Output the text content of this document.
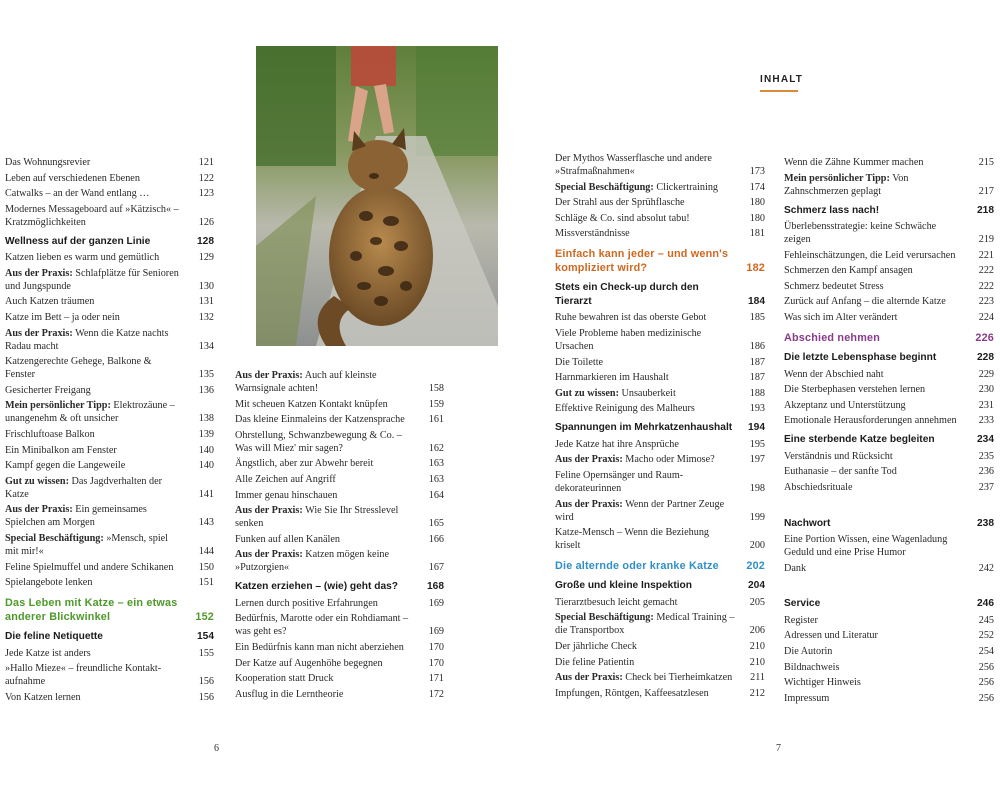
INHALT
Das Wohnungsrevier	121
Leben auf verschiedenen Ebenen	122
Catwalks – an der Wand entlang …	123
Modernes Messageboard auf »Kätzisch« – Kratzmöglichkeiten	126
Wellness auf der ganzen Linie	128
Katzen lieben es warm und gemütlich	129
Aus der Praxis: Schlafplätze für Senioren und Jungspunde	130
Auch Katzen träumen	131
Katze im Bett – ja oder nein	132
Aus der Praxis: Wenn die Katze nachts Radau macht	134
Katzengerechte Gehege, Balkone & Fenster	135
Gesicherter Freigang	136
Mein persönlicher Tipp: Elektrozäune – unangenehm & oft unsicher	138
Frischluftoase Balkon	139
Ein Minibalkon am Fenster	140
Kampf gegen die Langeweile	140
Gut zu wissen: Das Jagdverhalten der Katze	141
Aus der Praxis: Ein gemeinsames Spielchen am Morgen	143
Special Beschäftigung: »Mensch, spiel mit mir!«	144
Feline Spielmuffel und andere Schikanen	150
Spielangebote lenken	151
Das Leben mit Katze – ein etwas anderer Blickwinkel	152
Die feline Netiquette	154
Jede Katze ist anders	155
»Hallo Mieze« – freundliche Kontakt-aufnahme	156
Von Katzen lernen	156
Aus der Praxis: Auch auf kleinste Warnsignale achten!	158
Mit scheuen Katzen Kontakt knüpfen	159
Das kleine Einmaleins der Katzensprache	161
Ohrstellung, Schwanzbewegung & Co. – Was will Miez' mir sagen?	162
Ängstlich, aber zur Abwehr bereit	163
Alle Zeichen auf Angriff	163
Immer genau hinschauen	164
Aus der Praxis: Wie Sie Ihr Stresslevel senken	165
Funken auf allen Kanälen	166
Aus der Praxis: Katzen mögen keine »Putzorgien«	167
Katzen erziehen – (wie) geht das?	168
Lernen durch positive Erfahrungen	169
Bedürfnis, Marotte oder ein Rohdiamant – was geht es?	169
Ein Bedürfnis kann man nicht aberziehen	170
Der Katze auf Augenhöhe begegnen	170
Kooperation statt Druck	171
Ausflug in die Lerntheorie	172
Der Mythos Wasserflasche und andere »Strafmaßnahmen«	173
Special Beschäftigung: Clickertraining	174
Der Strahl aus der Sprühflasche	180
Schläge & Co. sind absolut tabu!	180
Missverständnisse	181
Einfach kann jeder – und wenn's kompliziert wird?	182
Stets ein Check-up durch den Tierarzt	184
Ruhe bewahren ist das oberste Gebot	185
Viele Probleme haben medizinische Ursachen	186
Die Toilette	187
Harnmarkieren im Haushalt	187
Gut zu wissen: Unsauberkeit	188
Effektive Reinigung des Malheurs	193
Spannungen im Mehrkatzenhaushalt	194
Jede Katze hat ihre Ansprüche	195
Aus der Praxis: Macho oder Mimose?	197
Feline Opernsänger und Raum-dekorateurinnen	198
Aus der Praxis: Wenn der Partner Zeuge wird	199
Katze-Mensch – Wenn die Beziehung kriselt	200
Die alternde oder kranke Katze	202
Große und kleine Inspektion	204
Tierarztbesuch leicht gemacht	205
Special Beschäftigung: Medical Training – die Transportbox	206
Der jährliche Check	210
Die feline Patientin	210
Aus der Praxis: Check bei Tierheimkatzen	211
Impfungen, Röntgen, Kaffeesatzlesen	212
Wenn die Zähne Kummer machen	215
Mein persönlicher Tipp: Von Zahnschmerzen geplagt	217
Schmerz lass nach!	218
Überlebensstrategie: keine Schwäche zeigen	219
Fehleinschätzungen, die Leid verursachen	221
Schmerzen den Kampf ansagen	222
Schmerz bedeutet Stress	222
Zurück auf Anfang – die alternde Katze	223
Was sich im Alter verändert	224
Abschied nehmen	226
Die letzte Lebensphase beginnt	228
Wenn der Abschied naht	229
Die Sterbephasen verstehen lernen	230
Akzeptanz und Unterstützung	231
Emotionale Herausforderungen annehmen	233
Eine sterbende Katze begleiten	234
Verständnis und Rücksicht	235
Euthanasie – der sanfte Tod	236
Abschiedsrituale	237
Nachwort	238
Eine Portion Wissen, eine Wagenladung Geduld und eine Prise Humor
Dank	242
Service	246
Register	245
Adressen und Literatur	252
Die Autorin	254
Bildnachweis	256
Wichtiger Hinweis	256
Impressum	256
6	7
